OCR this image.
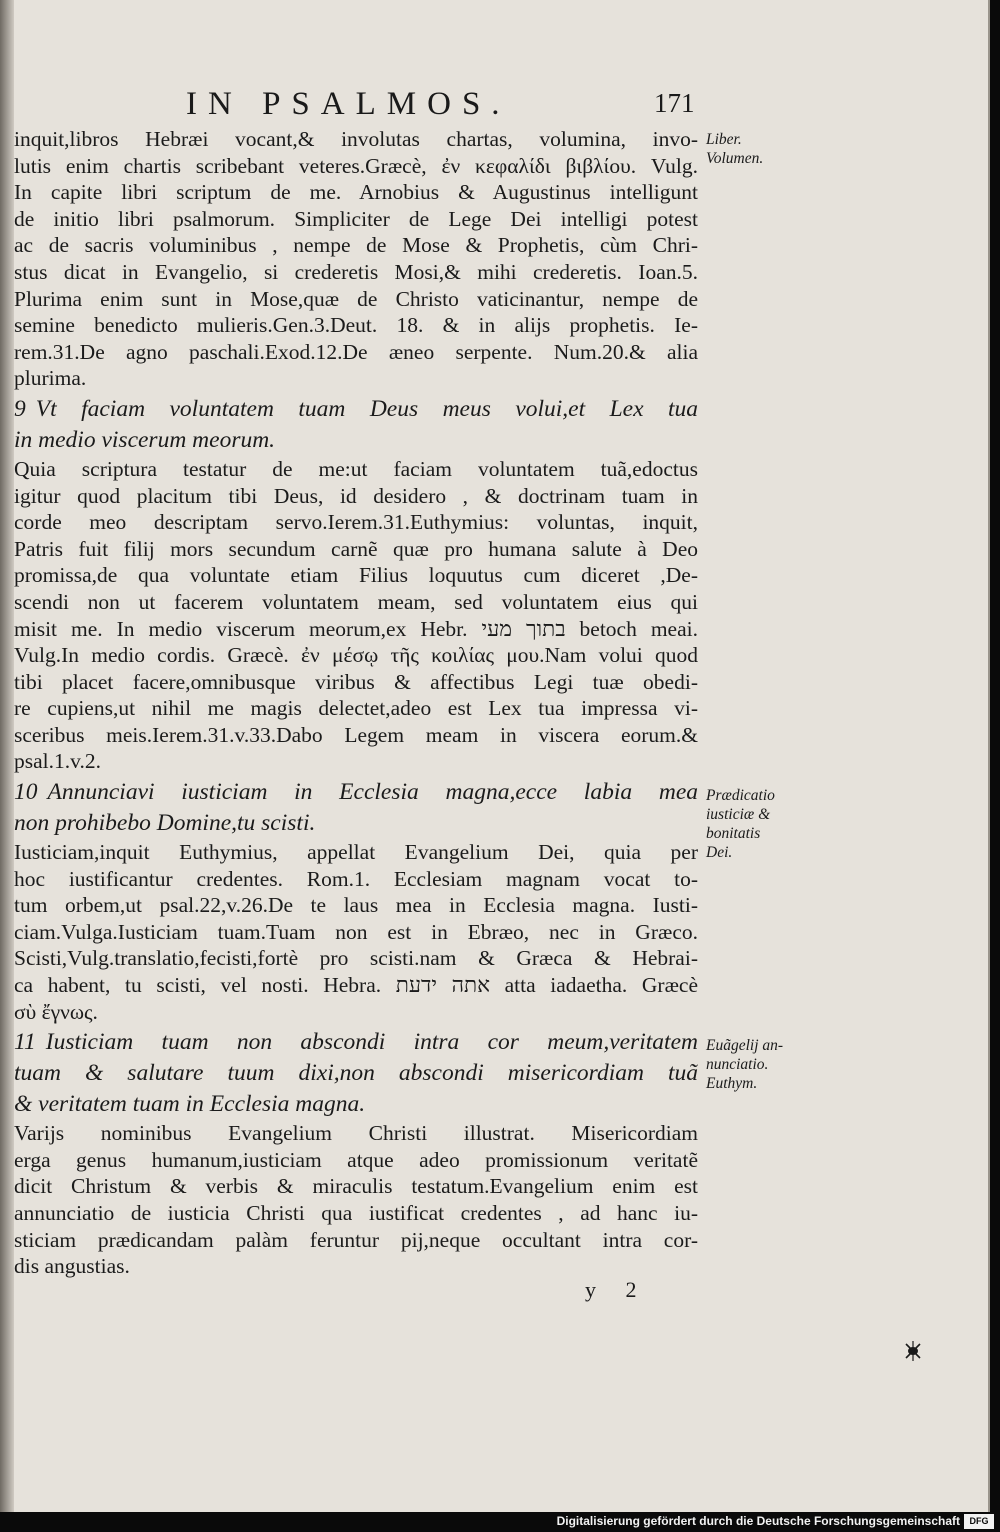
IN PSALMOS.	171
inquit,libros Hebræi vocant,& involutas chartas, volumina, invo-
lutis enim chartis scribebant veteres.Græcè, ἐν κεφαλίδι βιβλίου. Vulg.
In capite libri scriptum de me. Arnobius & Augustinus intelligunt
de initio libri psalmorum. Simpliciter de Lege Dei intelligi potest
ac de sacris voluminibus , nempe de Mose & Prophetis, cùm Chri-
stus dicat in Evangelio, si crederetis Mosi,& mihi crederetis. Ioan.5.
Plurima enim sunt in Mose,quæ de Christo vaticinantur, nempe de
semine benedicto mulieris.Gen.3.Deut. 18. & in alijs prophetis. Ie-
rem.31.De agno paschali.Exod.12.De æneo serpente. Num.20.& alia
plurima.
9 Vt faciam voluntatem tuam Deus meus volui,et Lex tua
in medio viscerum meorum.
Quia scriptura testatur de me:ut faciam voluntatem tuã,edoctus
igitur quod placitum tibi Deus, id desidero , & doctrinam tuam in
corde meo descriptam servo.Ierem.31.Euthymius: voluntas, inquit,
Patris fuit filij mors secundum carnẽ quæ pro humana salute à Deo
promissa,de qua voluntate etiam Filius loquutus cum diceret ,De-
scendi non ut facerem voluntatem meam, sed voluntatem eius qui
misit me. In medio viscerum meorum,ex Hebr. בתוך מעי betoch meai.
Vulg.In medio cordis. Græcè. ἐν μέσῳ τῆς κοιλίας μου.Nam volui quod
tibi placet facere,omnibusque viribus & affectibus Legi tuæ obedi-
re cupiens,ut nihil me magis delectet,adeo est Lex tua impressa vi-
sceribus meis.Ierem.31.v.33.Dabo Legem meam in viscera eorum.&
psal.1.v.2.
10 Annunciavi iusticiam in Ecclesia magna,ecce labia mea
non prohibebo Domine,tu scisti.
Iusticiam,inquit Euthymius, appellat Evangelium Dei, quia per
hoc iustificantur credentes. Rom.1. Ecclesiam magnam vocat to-
tum orbem,ut psal.22,v.26.De te laus mea in Ecclesia magna. Iusti-
ciam.Vulga.Iusticiam tuam.Tuam non est in Ebræo, nec in Græco.
Scisti,Vulg.translatio,fecisti,fortè pro scisti.nam & Græca & Hebrai-
ca habent, tu scisti, vel nosti. Hebra. אתה ידעת atta iadaetha. Græcè
σὺ ἔγνως.
11 Iusticiam tuam non abscondi intra cor meum,veritatem
tuam & salutare tuum dixi,non abscondi misericordiam tuã
& veritatem tuam in Ecclesia magna.
Varijs nominibus Evangelium Christi illustrat. Misericordiam
erga genus humanum,iusticiam atque adeo promissionum veritatẽ
dicit Christum & verbis & miraculis testatum.Evangelium enim est
annunciatio de iusticia Christi qua iustificat credentes , ad hanc iu-
sticiam prædicandam palàm feruntur pij,neque occultant intra cor-
dis angustias.
Liber.
Volumen.
Prædicatio
iusticiæ &
bonitatis
Dei.
Euãgelij an-
nunciatio.
Euthym.
y 2
Digitalisierung gefördert durch die Deutsche Forschungsgemeinschaft	DFG
